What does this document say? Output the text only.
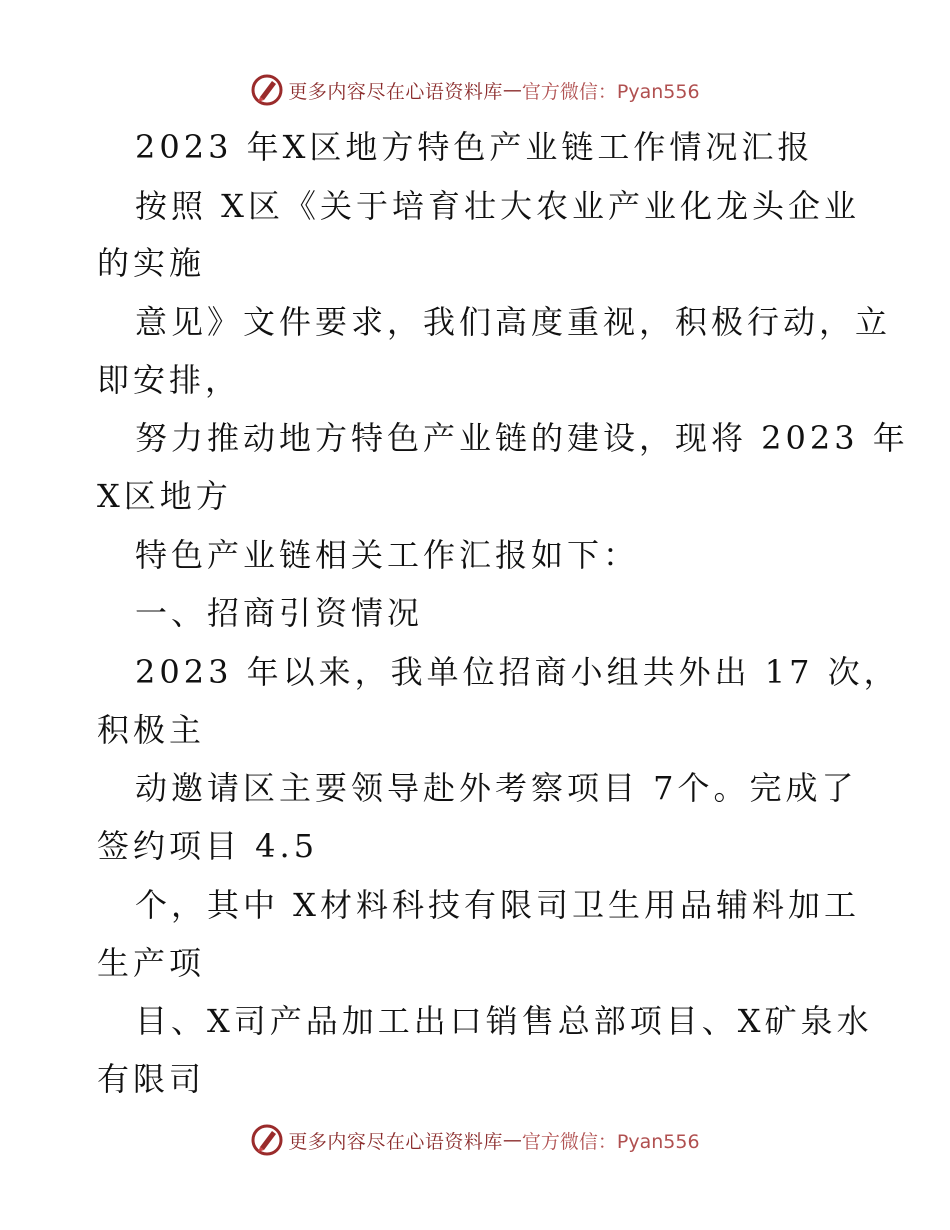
更多内容尽在心语资料库 — 官方微信：Pyan556
2023 年X区地方特色产业链工作情况汇报
按照 X区《关于培育壮大农业产业化龙头企业
的实施
意见》文件要求，我们高度重视，积极行动，立
即安排，
努力推动地方特色产业链的建设，现将 2023 年
X区地方
特色产业链相关工作汇报如下：
一、招商引资情况
2023 年以来，我单位招商小组共外出 17 次，
积极主
动邀请区主要领导赴外考察项目 7个。完成了
签约项目 4.5
个，其中 X材料科技有限司卫生用品辅料加工
生产项
目、X司产品加工出口销售总部项目、X矿泉水
有限司
更多内容尽在心语资料库 — 官方微信：Pyan556
